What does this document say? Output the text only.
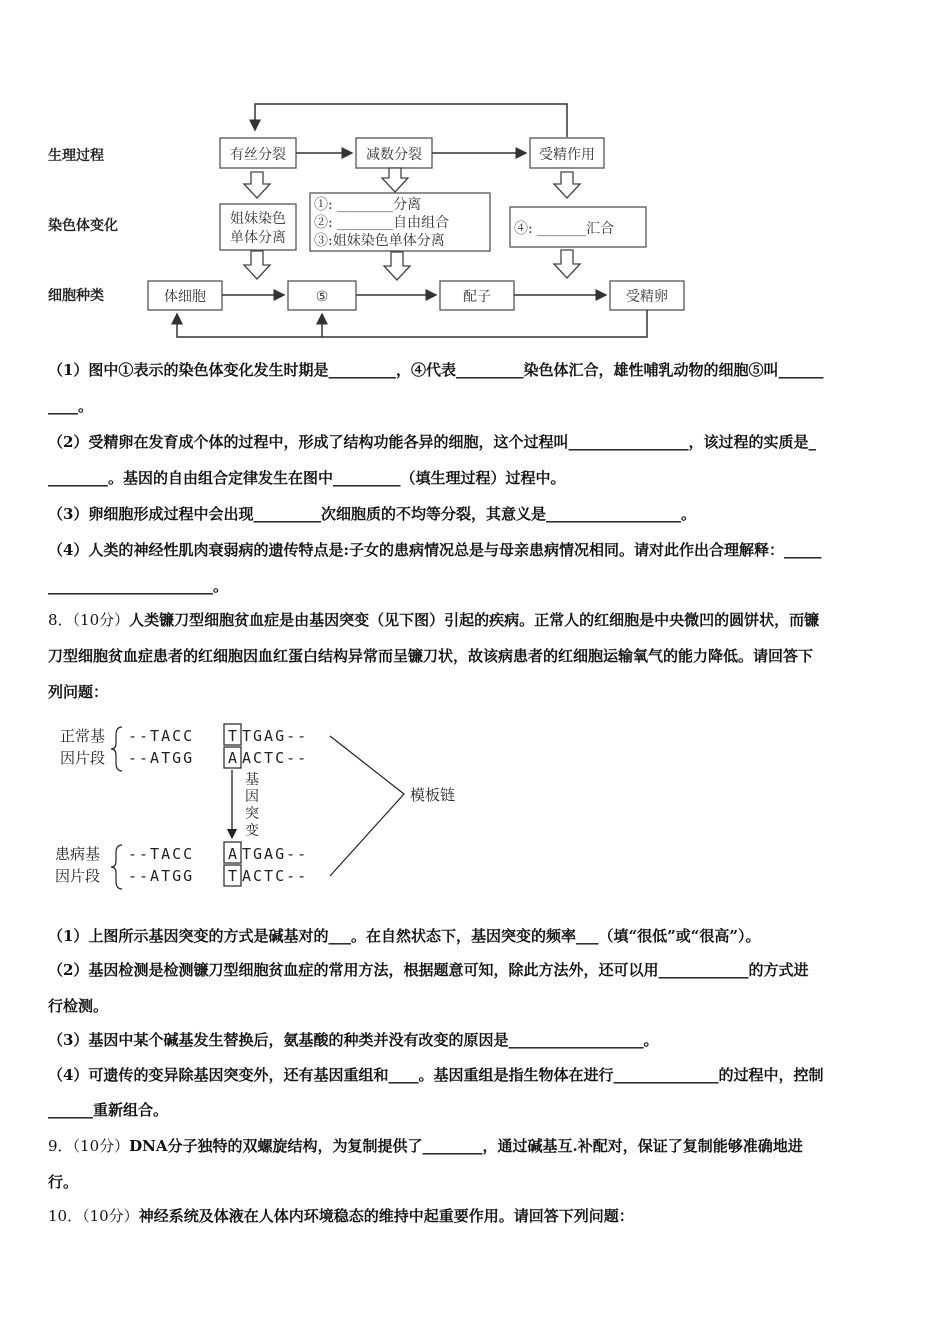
生理过程
染色体变化
细胞种类
有丝分裂	减数分裂	受精作用
姐妹染色
单体分离
①: ________分离
②: ________自由组合
③:姐妹染色单体分离
④: _______汇合
体细胞	⑤	配子	受精卵
（1）图中①表示的染色体变化发生时期是_________，④代表_________染色体汇合，雄性哺乳动物的细胞⑤叫______
____。
（2）受精卵在发育成个体的过程中，形成了结构功能各异的细胞，这个过程叫________________，该过程的实质是_
________。基因的自由组合定律发生在图中_________（填生理过程）过程中。
（3）卵细胞形成过程中会出现_________次细胞质的不均等分裂，其意义是__________________。
（4）人类的神经性肌肉衰弱病的遗传特点是:子女的患病情况总是与母亲患病情况相同。请对此作出合理解释：_____
______________________。
8．（10分）人类镰刀型细胞贫血症是由基因突变（见下图）引起的疾病。正常人的红细胞是中央微凹的圆饼状，而镰
刀型细胞贫血症患者的红细胞因血红蛋白结构异常而呈镰刀状，故该病患者的红细胞运输氧气的能力降低。请回答下
列问题：
正常基
因片段
--TACC T TGAG--
--ATGG A ACTC--
基
因
突
变
模板链
患病基
因片段
--TACC A TGAG--
--ATGG T ACTC--
（1）上图所示基因突变的方式是碱基对的___。在自然状态下，基因突变的频率___（填“很低”或“很高”）。
（2）基因检测是检测镰刀型细胞贫血症的常用方法，根据题意可知，除此方法外，还可以用____________的方式进
行检测。
（3）基因中某个碱基发生替换后，氨基酸的种类并没有改变的原因是__________________。
（4）可遗传的变异除基因突变外，还有基因重组和____。基因重组是指生物体在进行______________的过程中，控制
______重新组合。
9．（10分）DNA分子独特的双螺旋结构，为复制提供了________，通过碱基互.补配对，保证了复制能够准确地进
行。
10．（10分）神经系统及体液在人体内环境稳态的维持中起重要作用。请回答下列问题：
